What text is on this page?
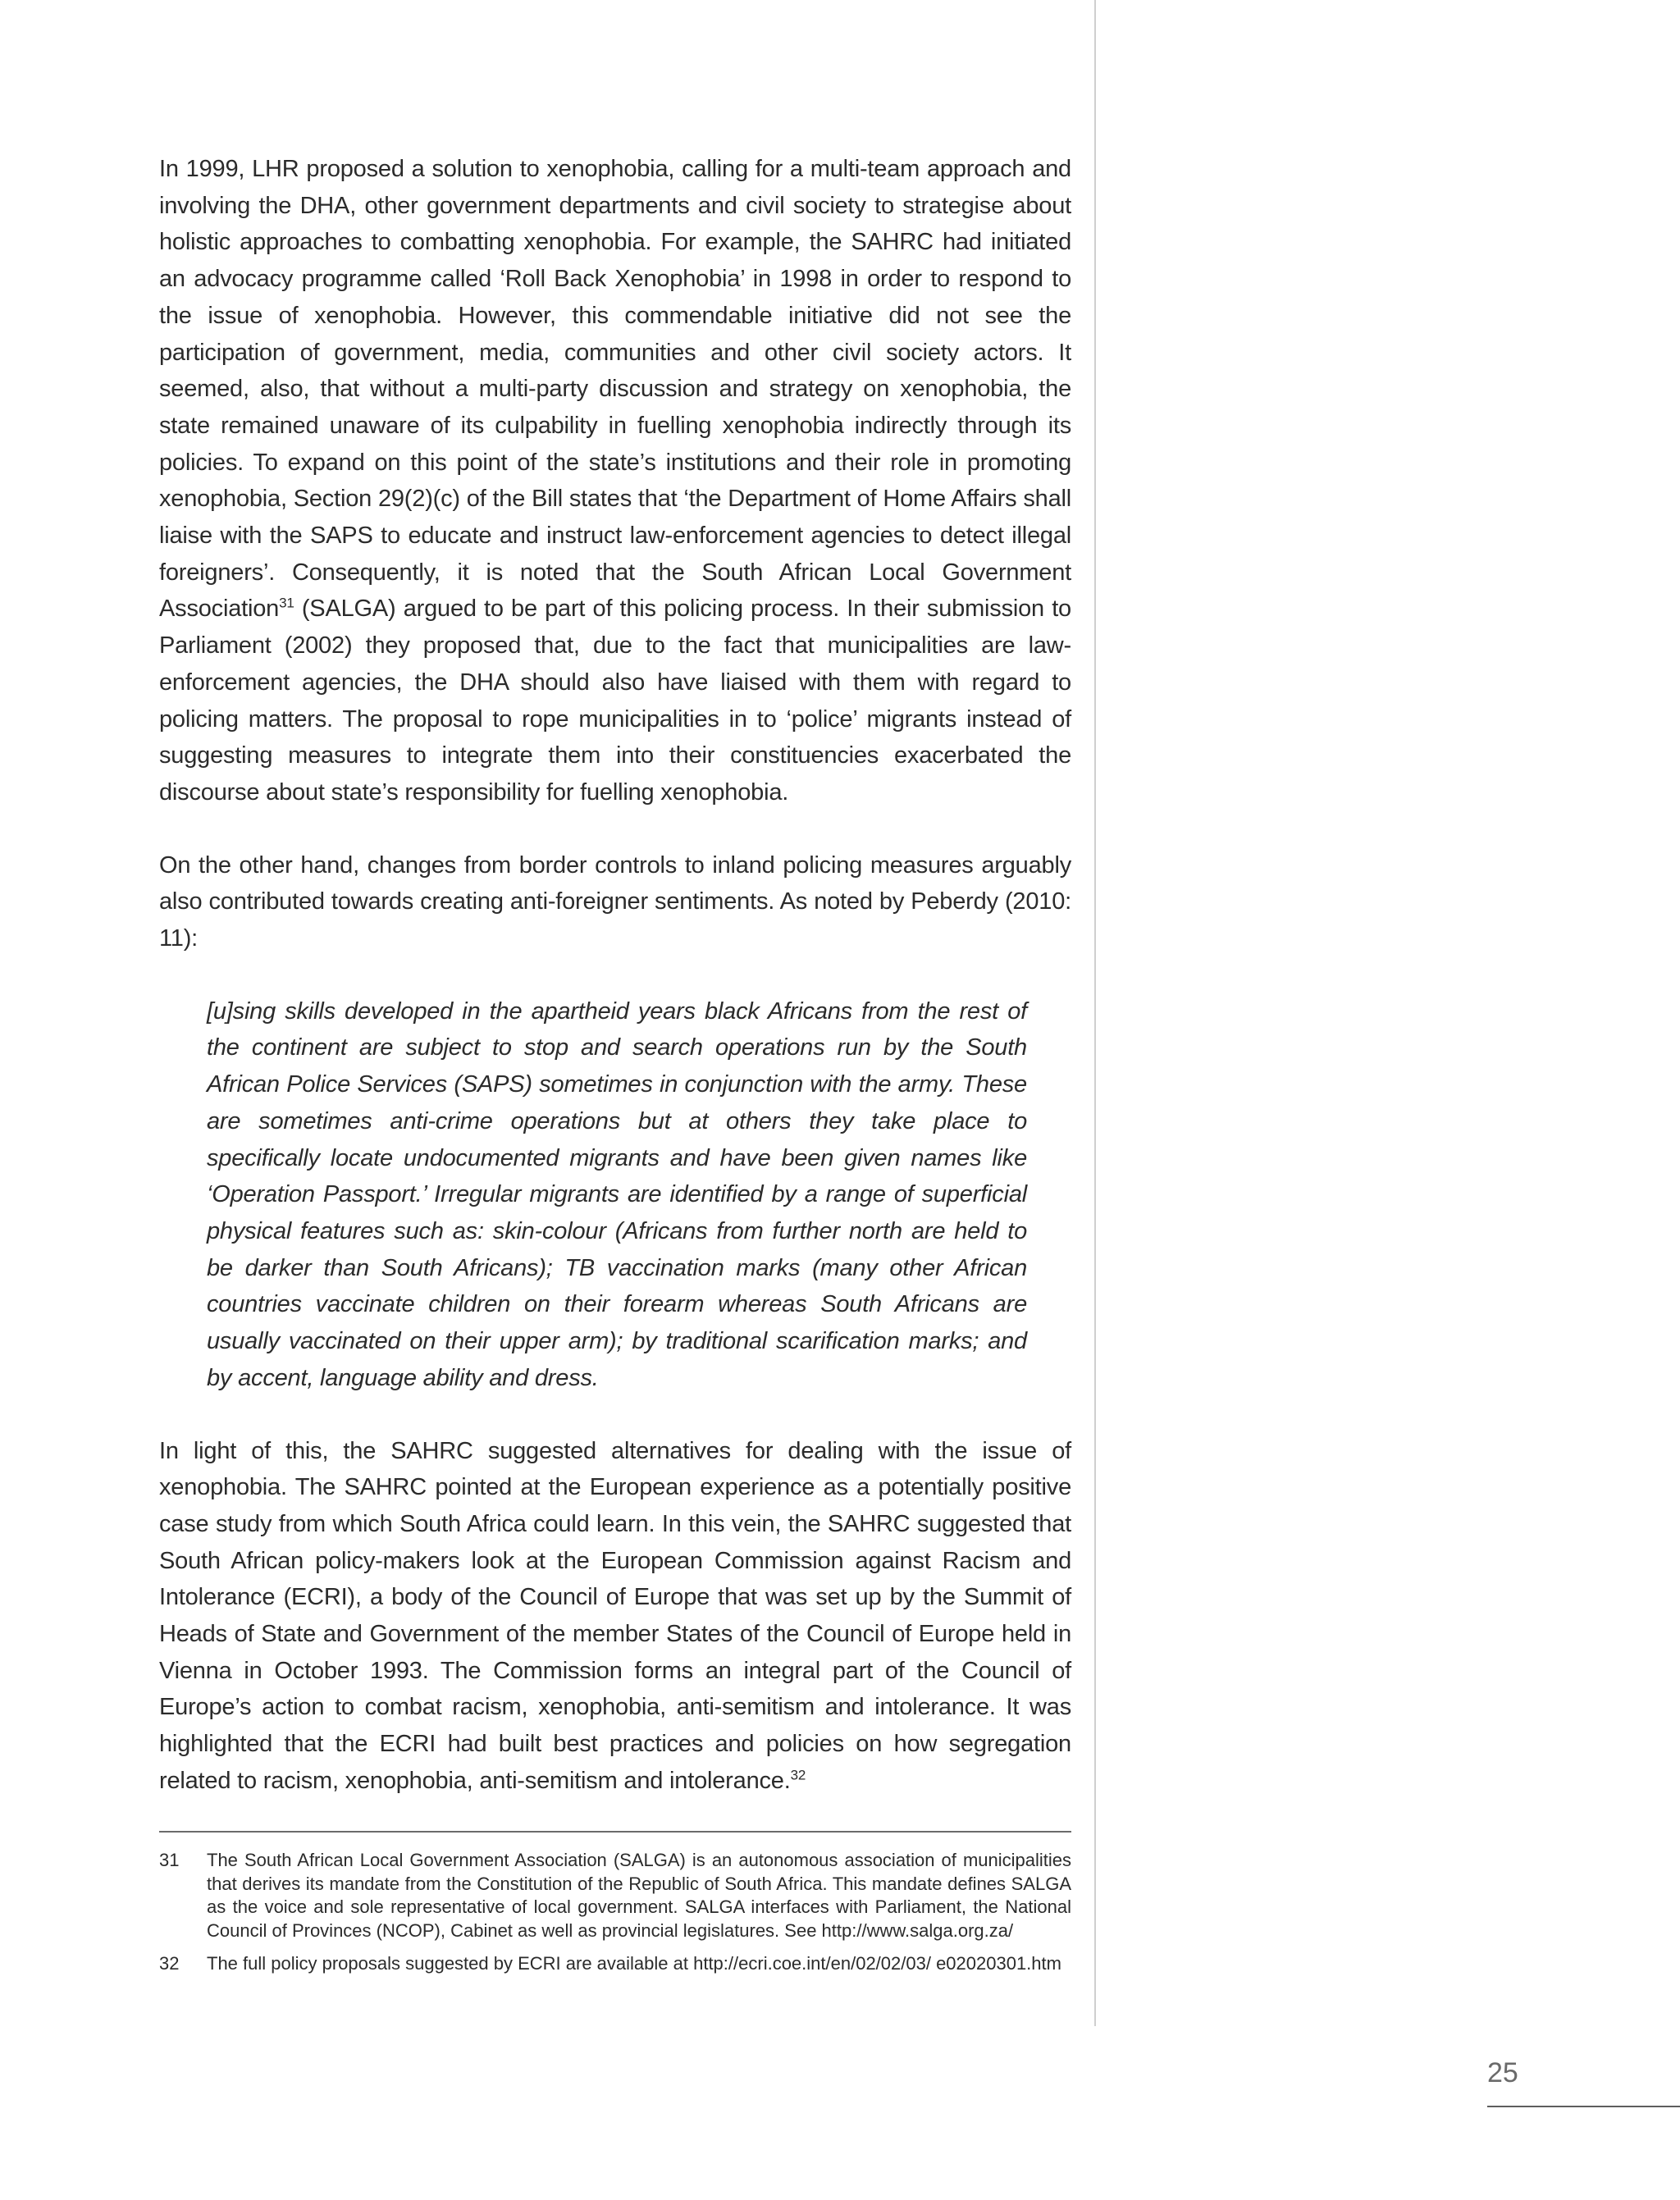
In 1999, LHR proposed a solution to xenophobia, calling for a multi-team approach and involving the DHA, other government departments and civil society to strategise about holistic approaches to combatting xenophobia. For example, the SAHRC had initiated an advocacy programme called ‘Roll Back Xenophobia’ in 1998 in order to respond to the issue of xenophobia. However, this commendable initiative did not see the participation of government, media, communities and other civil society actors. It seemed, also, that without a multi-party discussion and strategy on xenophobia, the state remained unaware of its culpability in fuelling xenophobia indirectly through its policies. To expand on this point of the state’s institutions and their role in promoting xenophobia, Section 29(2)(c) of the Bill states that ‘the Department of Home Affairs shall liaise with the SAPS to educate and instruct law-enforcement agencies to detect illegal foreigners’. Consequently, it is noted that the South African Local Government Association$^{31}$ (SALGA) argued to be part of this policing process. In their submission to Parliament (2002) they proposed that, due to the fact that municipalities are law-enforcement agencies, the DHA should also have liaised with them with regard to policing matters. The proposal to rope municipalities in to ‘police’ migrants instead of suggesting measures to integrate them into their constituencies exacerbated the discourse about state’s responsibility for fuelling xenophobia.

On the other hand, changes from border controls to inland policing measures arguably also contributed towards creating anti-foreigner sentiments. As noted by Peberdy (2010: 11):

[u]sing skills developed in the apartheid years black Africans from the rest of the continent are subject to stop and search operations run by the South African Police Services (SAPS) sometimes in conjunction with the army. These are sometimes anti-crime operations but at others they take place to specifically locate undocumented migrants and have been given names like ‘Operation Passport.’ Irregular migrants are identified by a range of superficial physical features such as: skin-colour (Africans from further north are held to be darker than South Africans); TB vaccination marks (many other African countries vaccinate children on their forearm whereas South Africans are usually vaccinated on their upper arm); by traditional scarification marks; and by accent, language ability and dress.

In light of this, the SAHRC suggested alternatives for dealing with the issue of xenophobia. The SAHRC pointed at the European experience as a potentially positive case study from which South Africa could learn. In this vein, the SAHRC suggested that South African policy-makers look at the European Commission against Racism and Intolerance (ECRI), a body of the Council of Europe that was set up by the Summit of Heads of State and Government of the member States of the Council of Europe held in Vienna in October 1993. The Commission forms an integral part of the Council of Europe’s action to combat racism, xenophobia, anti-semitism and intolerance. It was highlighted that the ECRI had built best practices and policies on how segregation related to racism, xenophobia, anti-semitism and intolerance.$^{32}$

31	The South African Local Government Association (SALGA) is an autonomous association of municipalities that derives its mandate from the Constitution of the Republic of South Africa. This mandate defines SALGA as the voice and sole representative of local government. SALGA interfaces with Parliament, the National Council of Provinces (NCOP), Cabinet as well as provincial legislatures. See http://www.salga.org.za/
32	The full policy proposals suggested by ECRI are available at http://ecri.coe.int/en/02/02/03/ e02020301.htm
25
